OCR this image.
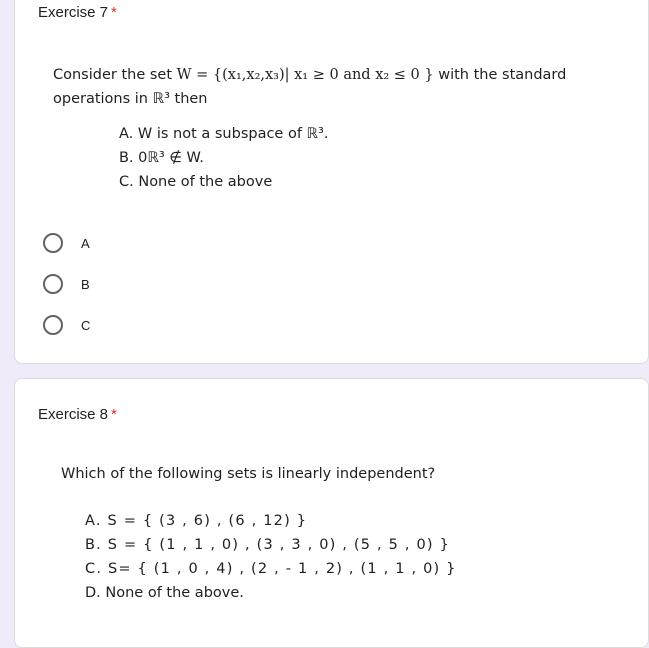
Exercise 7 *
Consider the set W = {(x₁,x₂,x₃)| x₁ ≥ 0 and x₂ ≤ 0 } with the standard
operations in ℝ³ then
A. W is not a subspace of ℝ³.
B. 0ℝ³ ∉ W.
C. None of the above
A
B
C
Exercise 8 *
Which of the following sets is linearly independent?
A. S = { (3 , 6) , (6 , 12) }
B. S = { (1 , 1 , 0) , (3 , 3 , 0) , (5 , 5 , 0) }
C. S= { (1 , 0 , 4) , (2 , - 1 , 2) , (1 , 1 , 0) }
D. None of the above.
